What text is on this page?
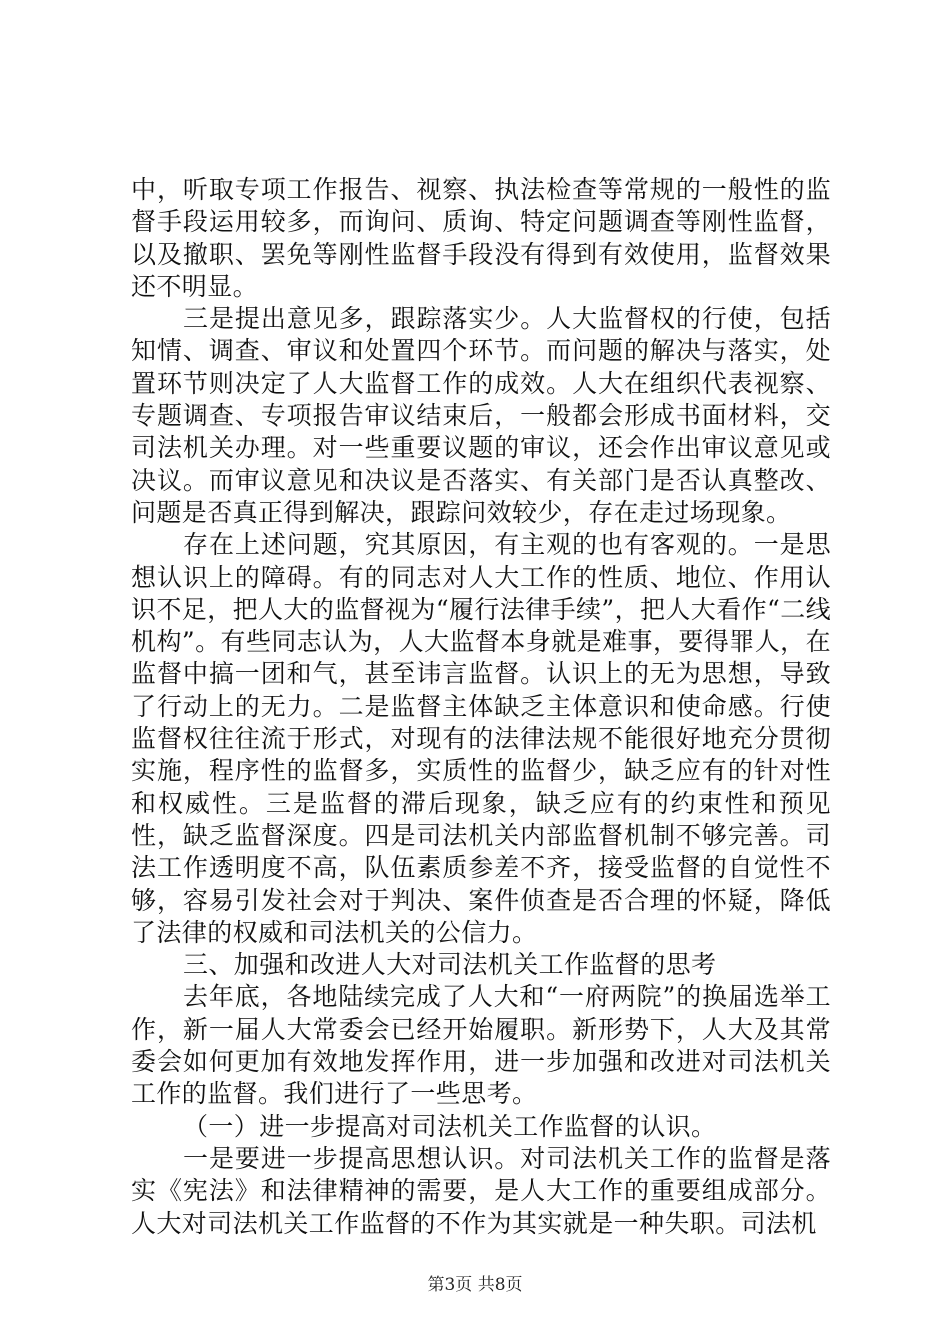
中，听取专项工作报告、视察、执法检查等常规的一般性的监督手段运用较多，而询问、质询、特定问题调查等刚性监督，以及撤职、罢免等刚性监督手段没有得到有效使用，监督效果还不明显。

三是提出意见多，跟踪落实少。人大监督权的行使，包括知情、调查、审议和处置四个环节。而问题的解决与落实，处置环节则决定了人大监督工作的成效。人大在组织代表视察、专题调查、专项报告审议结束后，一般都会形成书面材料，交司法机关办理。对一些重要议题的审议，还会作出审议意见或决议。而审议意见和决议是否落实、有关部门是否认真整改、问题是否真正得到解决，跟踪问效较少，存在走过场现象。

存在上述问题，究其原因，有主观的也有客观的。一是思想认识上的障碍。有的同志对人大工作的性质、地位、作用认识不足，把人大的监督视为“履行法律手续”，把人大看作“二线机构”。有些同志认为，人大监督本身就是难事，要得罪人，在监督中搞一团和气，甚至讳言监督。认识上的无为思想，导致了行动上的无力。二是监督主体缺乏主体意识和使命感。行使监督权往往流于形式，对现有的法律法规不能很好地充分贯彻实施，程序性的监督多，实质性的监督少，缺乏应有的针对性和权威性。三是监督的滞后现象，缺乏应有的约束性和预见性，缺乏监督深度。四是司法机关内部监督机制不够完善。司法工作透明度不高，队伍素质参差不齐，接受监督的自觉性不够，容易引发社会对于判决、案件侦查是否合理的怀疑，降低了法律的权威和司法机关的公信力。

三、加强和改进人大对司法机关工作监督的思考

去年底，各地陆续完成了人大和“一府两院”的换届选举工作，新一届人大常委会已经开始履职。新形势下，人大及其常委会如何更加有效地发挥作用，进一步加强和改进对司法机关工作的监督。我们进行了一些思考。

（一）进一步提高对司法机关工作监督的认识。

一是要进一步提高思想认识。对司法机关工作的监督是落实《宪法》和法律精神的需要，是人大工作的重要组成部分。人大对司法机关工作监督的不作为其实就是一种失职。司法机

第3页 共8页
